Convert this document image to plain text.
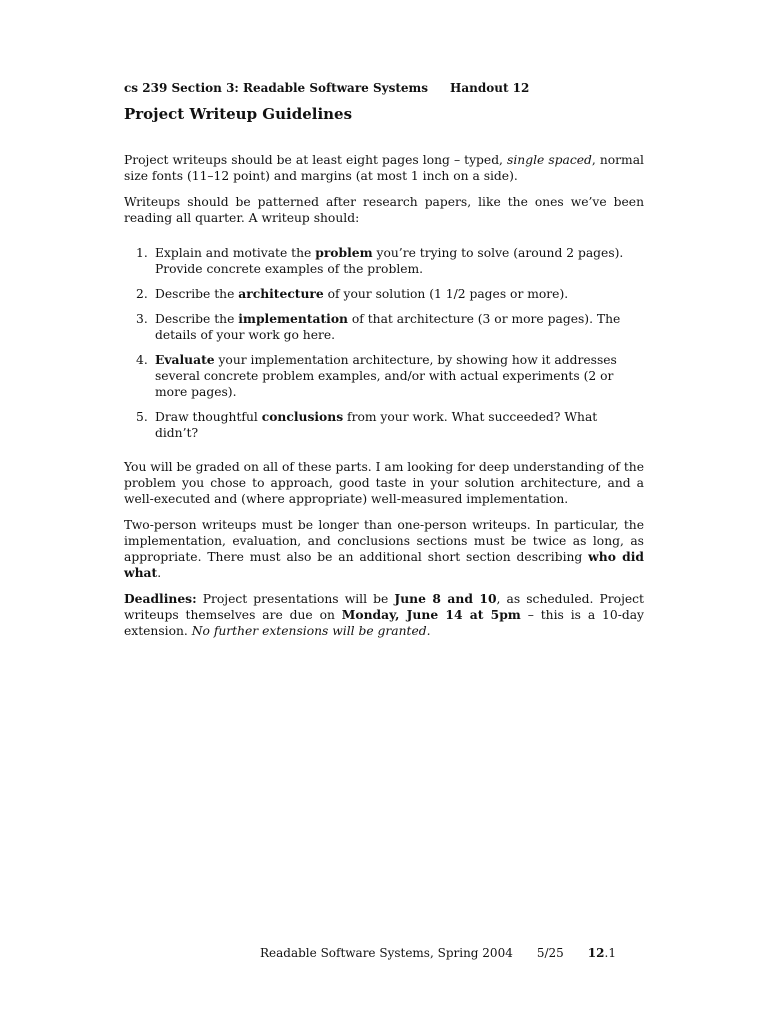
cs 239 Section 3: Readable Software Systems Handout 12
Project Writeup Guidelines

Project writeups should be at least eight pages long – typed, single spaced, normal size fonts (11–12 point) and margins (at most 1 inch on a side).

Writeups should be patterned after research papers, like the ones we’ve been reading all quarter. A writeup should:

1. Explain and motivate the problem you’re trying to solve (around 2 pages). Provide concrete examples of the problem.
2. Describe the architecture of your solution (1 1/2 pages or more).
3. Describe the implementation of that architecture (3 or more pages). The details of your work go here.
4. Evaluate your implementation architecture, by showing how it addresses several concrete problem examples, and/or with actual experiments (2 or more pages).
5. Draw thoughtful conclusions from your work. What succeeded? What didn’t?

You will be graded on all of these parts. I am looking for deep understanding of the problem you chose to approach, good taste in your solution architecture, and a well-executed and (where appropriate) well-measured implementation.

Two-person writeups must be longer than one-person writeups. In particular, the implementation, evaluation, and conclusions sections must be twice as long, as appropriate. There must also be an additional short section describing who did what.

Deadlines: Project presentations will be June 8 and 10, as scheduled. Project writeups themselves are due on Monday, June 14 at 5pm – this is a 10-day extension. No further extensions will be granted.

Readable Software Systems, Spring 2004 5/25 12.1
